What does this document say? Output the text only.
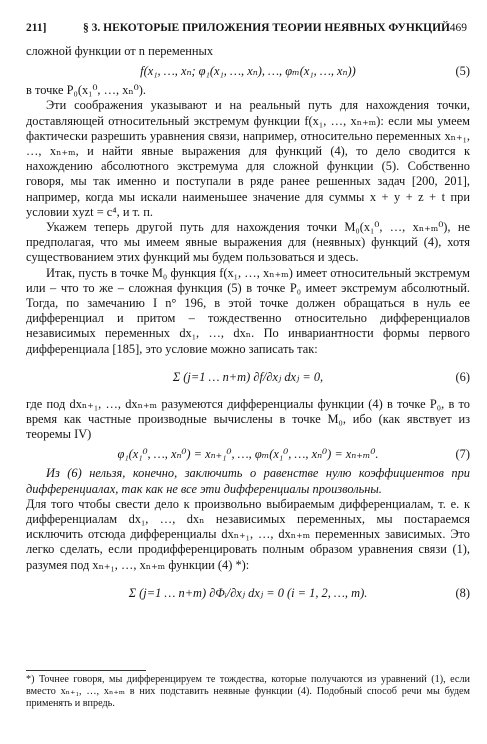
211]	§ 3. НЕКОТОРЫЕ ПРИЛОЖЕНИЯ ТЕОРИИ НЕЯВНЫХ ФУНКЦИЙ 469

сложной функции от n переменных

f(x₁, …, xₙ; φ₁(x₁, …, xₙ), …, φₘ(x₁, …, xₙ))	(5)

в точке P₀(x₁⁰, …, xₙ⁰).

Эти соображения указывают и на реальный путь для нахождения точки, доставляющей относительный экстремум функции f(x₁, …, xₙ₊ₘ): если мы умеем фактически разрешить уравнения связи, например, относительно переменных xₙ₊₁, …, xₙ₊ₘ, и найти явные выражения для функций (4), то дело сводится к нахождению абсолютного экстремума для сложной функции (5). Собственно говоря, мы так именно и поступали в ряде ранее решенных задач [200, 201], например, когда мы искали наименьшее значение для суммы x + y + z + t при условии xyzt = c⁴, и т. п.

Укажем теперь другой путь для нахождения точки M₀(x₁⁰, …, xₙ₊ₘ⁰), не предполагая, что мы имеем явные выражения для (неявных) функций (4), хотя существованием этих функций мы будем пользоваться и здесь.

Итак, пусть в точке M₀ функция f(x₁, …, xₙ₊ₘ) имеет относительный экстремум или – что то же – сложная функция (5) в точке P₀ имеет экстремум абсолютный. Тогда, по замечанию I n° 196, в этой точке должен обращаться в нуль ее дифференциал и притом – тождественно относительно дифференциалов независимых переменных dx₁, …, dxₙ. По инвариантности формы первого дифференциала [185], это условие можно записать так:

Σ (j=1 … n+m) ∂f/∂xⱼ dxⱼ = 0,	(6)

где под dxₙ₊₁, …, dxₙ₊ₘ разумеются дифференциалы функции (4) в точке P₀, в то время как частные производные вычислены в точке M₀, ибо (как явствует из теоремы IV)

φ₁(x₁⁰, …, xₙ⁰) = xₙ₊₁⁰, …, φₘ(x₁⁰, …, xₙ⁰) = xₙ₊ₘ⁰.	(7)

Из (6) нельзя, конечно, заключить о равенстве нулю коэффициентов при дифференциалах, так как не все эти дифференциалы произвольны.

Для того чтобы свести дело к произвольно выбираемым дифференциалам, т. е. к дифференциалам dx₁, …, dxₙ независимых переменных, мы постараемся исключить отсюда дифференциалы dxₙ₊₁, …, dxₙ₊ₘ переменных зависимых. Это легко сделать, если продифференцировать полным образом уравнения связи (1), разумея под xₙ₊₁, …, xₙ₊ₘ функции (4) *):

Σ (j=1 … n+m) ∂Φᵢ/∂xⱼ dxⱼ = 0 (i = 1, 2, …, m).	(8)
*) Точнее говоря, мы дифференцируем те тождества, которые получаются из уравнений (1), если вместо xₙ₊₁, …, xₙ₊ₘ в них подставить неявные функции (4). Подобный способ речи мы будем применять и впредь.
